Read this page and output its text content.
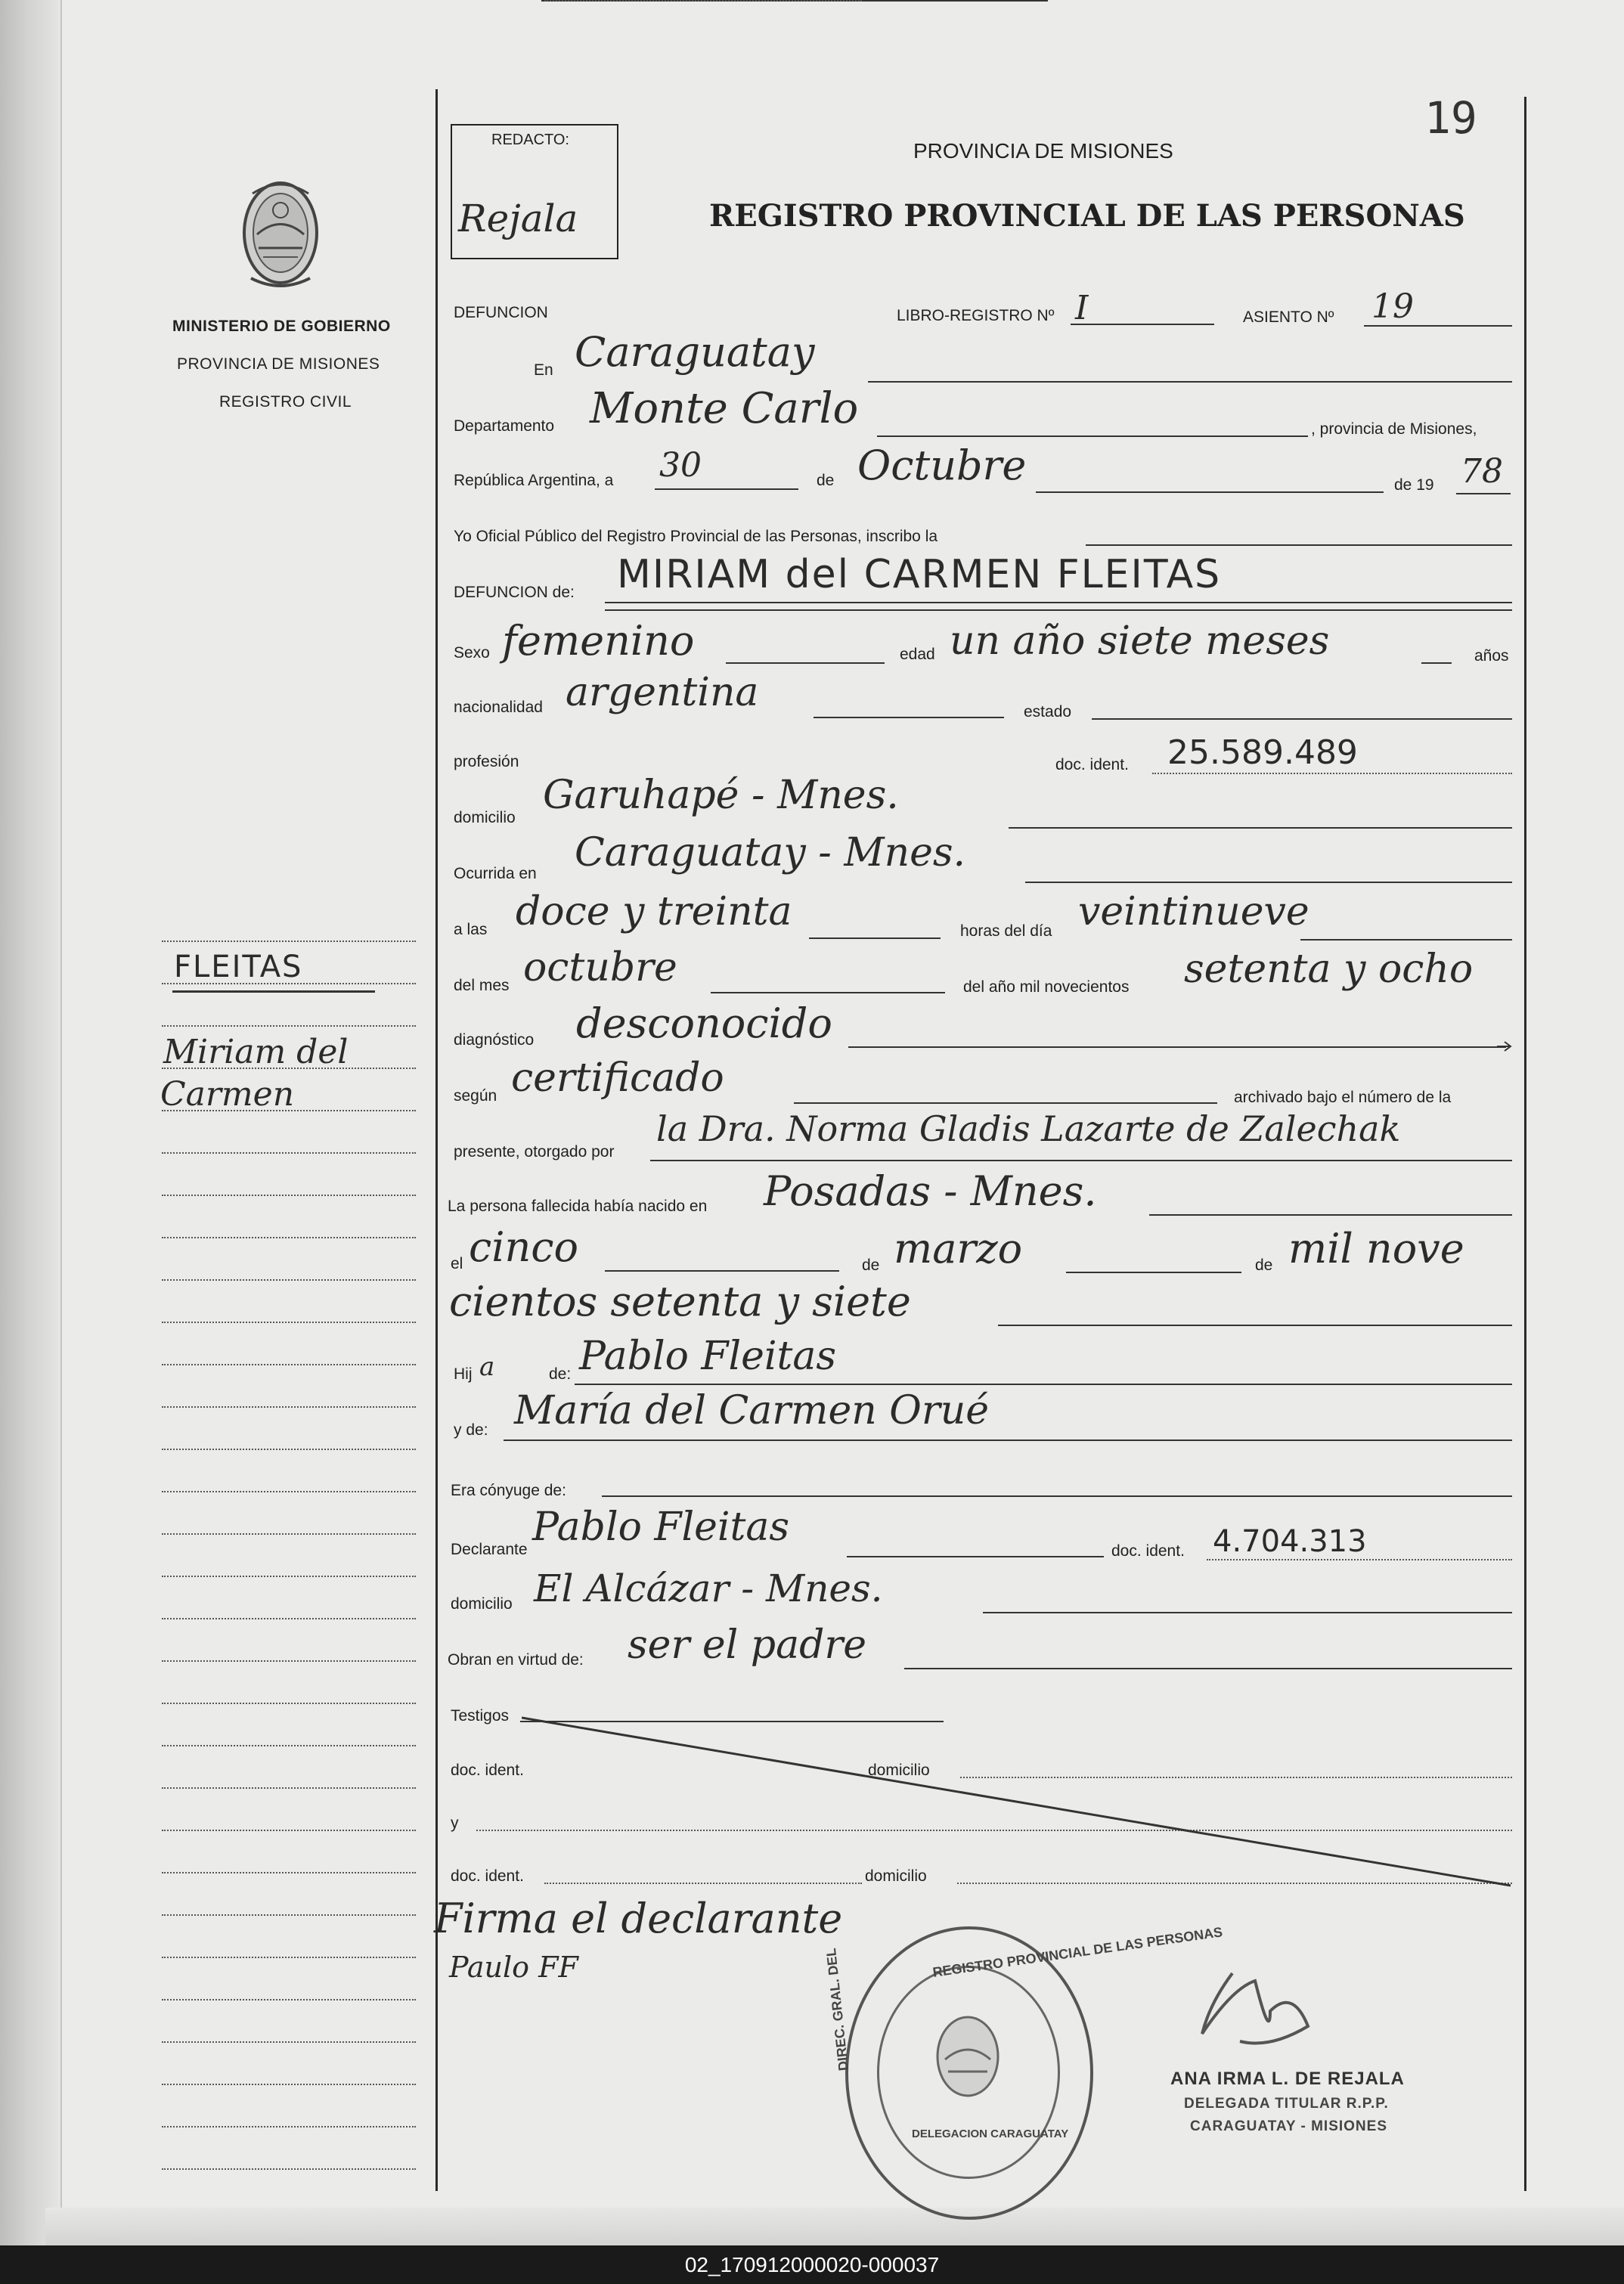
MINISTERIO DE GOBIERNO
PROVINCIA DE MISIONES
REGISTRO CIVIL
FLEITAS
Miriam del
Carmen
REDACTO:
Rejala
19
PROVINCIA DE MISIONES
REGISTRO PROVINCIAL DE LAS PERSONAS
DEFUNCION	LIBRO-REGISTRO Nº I	ASIENTO Nº 19
En Caraguatay
Departamento Monte Carlo	, provincia de Misiones,
República Argentina, a 30	de Octubre	de 19 78
Yo Oficial Público del Registro Provincial de las Personas, inscribo la
DEFUNCION de: MIRIAM del CARMEN FLEITAS
Sexo femenino	edad un año siete meses	años
nacionalidad argentina	estado
profesión	doc. ident. 25.589.489
domicilio Garuhapé - Mnes.
Ocurrida en Caraguatay - Mnes.
a las doce y treinta	horas del día veintinueve
del mes octubre	del año mil novecientos setenta y ocho
diagnóstico desconocido
según certificado	archivado bajo el número de la
presente, otorgado por
la Dra. Norma Gladis Lazarte de Zalechak
La persona fallecida había nacido en Posadas - Mnes.
el cinco	de marzo	de mil nove
cientos setenta y siete
Hij a	de: Pablo Fleitas
y de: María del Carmen Orué
Era cónyuge de:
Declarante Pablo Fleitas
doc. ident. 4.704.313
domicilio El Alcázar - Mnes.
Obran en virtud de: ser el padre
Testigos
doc. ident.	domicilio
y
doc. ident.	domicilio
Firma el declarante
Paulo FF	REGISTRO PROVINCIAL DE LAS PERSONAS
DIREC. GRAL. DEL
DELEGACION CARAGUATAY
ANA IRMA L. DE REJALA
DELEGADA TITULAR R.P.P.
CARAGUATAY - MISIONES
02_170912000020-000037
